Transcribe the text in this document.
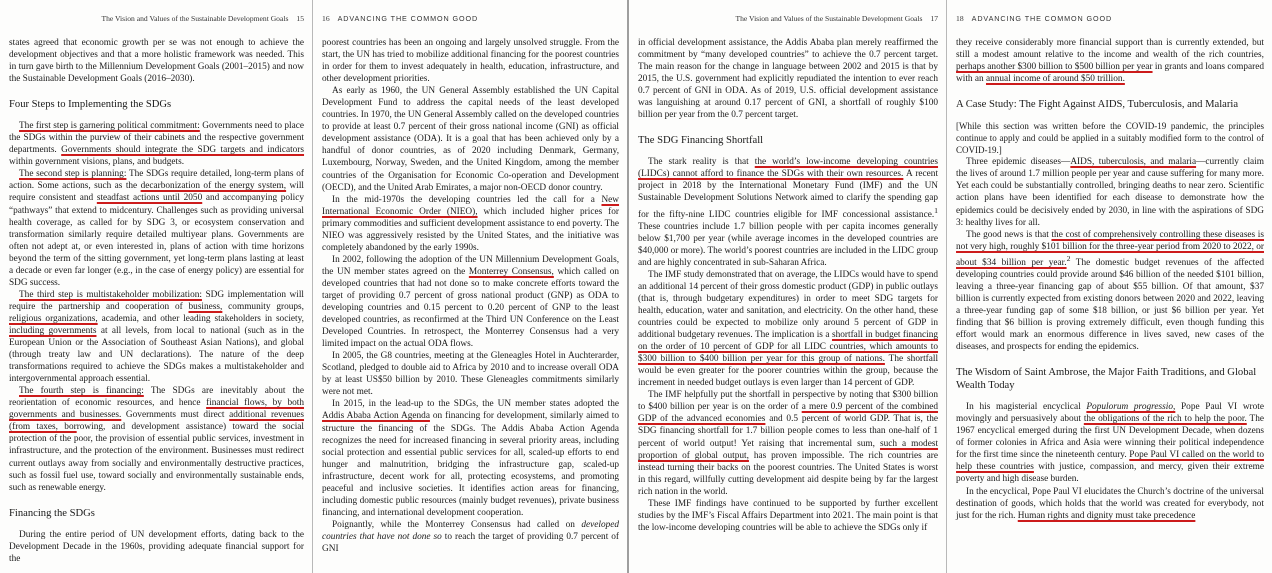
The Vision and Values of the Sustainable Development Goals 15

states agreed that economic growth per se was not enough to achieve the development objectives and that a more holistic framework was needed. This in turn gave birth to the Millennium Development Goals (2001–2015) and now the Sustainable Development Goals (2016–2030).

Four Steps to Implementing the SDGs

The first step is garnering political commitment: Governments need to place the SDGs within the purview of their cabinets and the respective government departments. Governments should integrate the SDG targets and indicators within government visions, plans, and budgets.

The second step is planning: The SDGs require detailed, long-term plans of action. Some actions, such as the decarbonization of the energy system, will require consistent and steadfast actions until 2050 and accompanying policy “pathways” that extend to midcentury. Challenges such as providing universal health coverage, as called for by SDG 3, or ecosystem conservation and transformation similarly require detailed multiyear plans. Governments are often not adept at, or even interested in, plans of action with time horizons beyond the term of the sitting government, yet long-term plans lasting at least a decade or even far longer (e.g., in the case of energy policy) are essential for SDG success.

The third step is multistakeholder mobilization: SDG implementation will require the partnership and cooperation of business, community groups, religious organizations, academia, and other leading stakeholders in society, including governments at all levels, from local to national (such as in the European Union or the Association of Southeast Asian Nations), and global (through treaty law and UN declarations). The nature of the deep transformations required to achieve the SDGs makes a multistakeholder and intergovernmental approach essential.

The fourth step is financing: The SDGs are inevitably about the reorientation of economic resources, and hence financial flows, by both governments and businesses. Governments must direct additional revenues (from taxes, borrowing, and development assistance) toward the social protection of the poor, the provision of essential public services, investment in infrastructure, and the protection of the environment. Businesses must redirect current outlays away from socially and environmentally destructive practices, such as fossil fuel use, toward socially and environmentally sustainable ends, such as renewable energy.

Financing the SDGs

During the entire period of UN development efforts, dating back to the Development Decade in the 1960s, providing adequate financial support for the

16 ADVANCING THE COMMON GOOD

poorest countries has been an ongoing and largely unsolved struggle. From the start, the UN has tried to mobilize additional financing for the poorest countries in order for them to invest adequately in health, education, infrastructure, and other development priorities.

As early as 1960, the UN General Assembly established the UN Capital Development Fund to address the capital needs of the least developed countries. In 1970, the UN General Assembly called on the developed countries to provide at least 0.7 percent of their gross national income (GNI) as official development assistance (ODA). It is a goal that has been achieved only by a handful of donor countries, as of 2020 including Denmark, Germany, Luxembourg, Norway, Sweden, and the United Kingdom, among the member countries of the Organisation for Economic Co-operation and Development (OECD), and the United Arab Emirates, a major non-OECD donor country.

In the mid-1970s the developing countries led the call for a New International Economic Order (NIEO), which included higher prices for primary commodities and sufficient development assistance to end poverty. The NIEO was aggressively resisted by the United States, and the initiative was completely abandoned by the early 1990s.

In 2002, following the adoption of the UN Millennium Development Goals, the UN member states agreed on the Monterrey Consensus, which called on developed countries that had not done so to make concrete efforts toward the target of providing 0.7 percent of gross national product (GNP) as ODA to developing countries and 0.15 percent to 0.20 percent of GNP to the least developed countries, as reconfirmed at the Third UN Conference on the Least Developed Countries. In retrospect, the Monterrey Consensus had a very limited impact on the actual ODA flows.

In 2005, the G8 countries, meeting at the Gleneagles Hotel in Auchterarder, Scotland, pledged to double aid to Africa by 2010 and to increase overall ODA by at least US$50 billion by 2010. These Gleneagles commitments similarly were not met.

In 2015, in the lead-up to the SDGs, the UN member states adopted the Addis Ababa Action Agenda on financing for development, similarly aimed to structure the financing of the SDGs. The Addis Ababa Action Agenda recognizes the need for increased financing in several priority areas, including social protection and essential public services for all, scaled-up efforts to end hunger and malnutrition, bridging the infrastructure gap, scaled-up infrastructure, decent work for all, protecting ecosystems, and promoting peaceful and inclusive societies. It identifies action areas for financing, including domestic public resources (mainly budget revenues), private business financing, and international development cooperation.

Poignantly, while the Monterrey Consensus had called on developed countries that have not done so to reach the target of providing 0.7 percent of GNI

The Vision and Values of the Sustainable Development Goals 17

in official development assistance, the Addis Ababa plan merely reaffirmed the commitment by “many developed countries” to achieve the 0.7 percent target. The main reason for the change in language between 2002 and 2015 is that by 2015, the U.S. government had explicitly repudiated the intention to ever reach 0.7 percent of GNI in ODA. As of 2019, U.S. official development assistance was languishing at around 0.17 percent of GNI, a shortfall of roughly $100 billion per year from the 0.7 percent target.

The SDG Financing Shortfall

The stark reality is that the world’s low-income developing countries (LIDCs) cannot afford to finance the SDGs with their own resources. A recent project in 2018 by the International Monetary Fund (IMF) and the UN Sustainable Development Solutions Network aimed to clarify the spending gap for the fifty-nine LIDC countries eligible for IMF concessional assistance.$^1$ These countries include 1.7 billion people with per capita incomes generally below $1,700 per year (while average incomes in the developed countries are $40,000 or more). The world’s poorest countries are included in the LIDC group and are highly concentrated in sub-Saharan Africa.

The IMF study demonstrated that on average, the LIDCs would have to spend an additional 14 percent of their gross domestic product (GDP) in public outlays (that is, through budgetary expenditures) in order to meet SDG targets for health, education, water and sanitation, and electricity. On the other hand, these countries could be expected to mobilize only around 5 percent of GDP in additional budgetary revenues. The implication is a shortfall in budget financing on the order of 10 percent of GDP for all LIDC countries, which amounts to $300 billion to $400 billion per year for this group of nations. The shortfall would be even greater for the poorer countries within the group, because the increment in needed budget outlays is even larger than 14 percent of GDP.

The IMF helpfully put the shortfall in perspective by noting that $300 billion to $400 billion per year is on the order of a mere 0.9 percent of the combined GDP of the advanced economies and 0.5 percent of world GDP. That is, the SDG financing shortfall for 1.7 billion people comes to less than one-half of 1 percent of world output! Yet raising that incremental sum, such a modest proportion of global output, has proven impossible. The rich countries are instead turning their backs on the poorest countries. The United States is worst in this regard, willfully cutting development aid despite being by far the largest rich nation in the world.

These IMF findings have continued to be supported by further excellent studies by the IMF’s Fiscal Affairs Department into 2021. The main point is that the low-income developing countries will be able to achieve the SDGs only if

18 ADVANCING THE COMMON GOOD

they receive considerably more financial support than is currently extended, but still a modest amount relative to the income and wealth of the rich countries, perhaps another $300 billion to $500 billion per year in grants and loans compared with an annual income of around $50 trillion.

A Case Study: The Fight Against AIDS, Tuberculosis, and Malaria

[While this section was written before the COVID-19 pandemic, the principles continue to apply and could be applied in a suitably modified form to the control of COVID-19.]

Three epidemic diseases—AIDS, tuberculosis, and malaria—currently claim the lives of around 1.7 million people per year and cause suffering for many more. Yet each could be substantially controlled, bringing deaths to near zero. Scientific action plans have been identified for each disease to demonstrate how the epidemics could be decisively ended by 2030, in line with the aspirations of SDG 3: healthy lives for all.

The good news is that the cost of comprehensively controlling these diseases is not very high, roughly $101 billion for the three-year period from 2020 to 2022, or about $34 billion per year.$^2$ The domestic budget revenues of the affected developing countries could provide around $46 billion of the needed $101 billion, leaving a three-year financing gap of about $55 billion. Of that amount, $37 billion is currently expected from existing donors between 2020 and 2022, leaving a three-year funding gap of some $18 billion, or just $6 billion per year. Yet finding that $6 billion is proving extremely difficult, even though funding this effort would mark an enormous difference in lives saved, new cases of the diseases, and prospects for ending the epidemics.

The Wisdom of Saint Ambrose, the Major Faith Traditions, and Global Wealth Today

In his magisterial encyclical Populorum progressio, Pope Paul VI wrote movingly and persuasively about the obligations of the rich to help the poor. The 1967 encyclical emerged during the first UN Development Decade, when dozens of former colonies in Africa and Asia were winning their political independence for the first time since the nineteenth century. Pope Paul VI called on the world to help these countries with justice, compassion, and mercy, given their extreme poverty and high disease burden.

In the encyclical, Pope Paul VI elucidates the Church’s doctrine of the universal destination of goods, which holds that the world was created for everybody, not just for the rich. Human rights and dignity must take precedence
